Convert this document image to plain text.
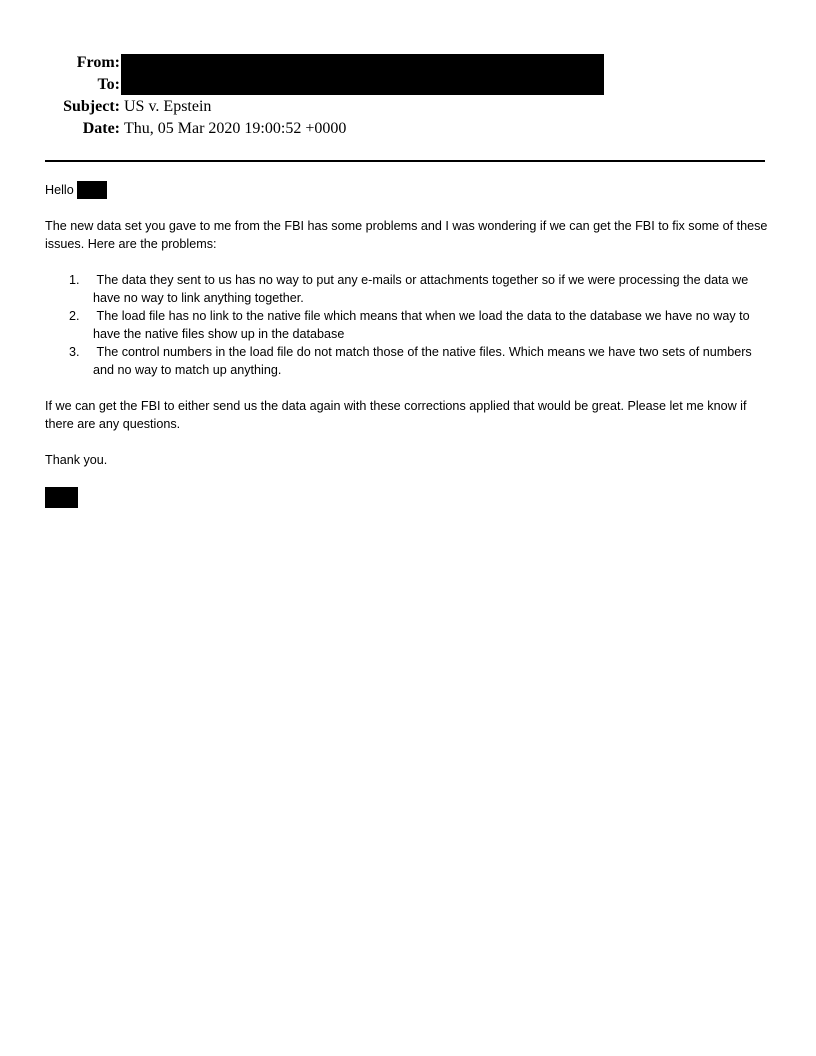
From:
To:
Subject: US v. Epstein
Date: Thu, 05 Mar 2020 19:00:52 +0000

Hello

The new data set you gave to me from the FBI has some problems and I was wondering if we can get the FBI to fix some of these issues. Here are the problems:

1. The data they sent to us has no way to put any e-mails or attachments together so if we were processing the data we have no way to link anything together.
2. The load file has no link to the native file which means that when we load the data to the database we have no way to have the native files show up in the database
3. The control numbers in the load file do not match those of the native files. Which means we have two sets of numbers and no way to match up anything.

If we can get the FBI to either send us the data again with these corrections applied that would be great. Please let me know if there are any questions.

Thank you.
